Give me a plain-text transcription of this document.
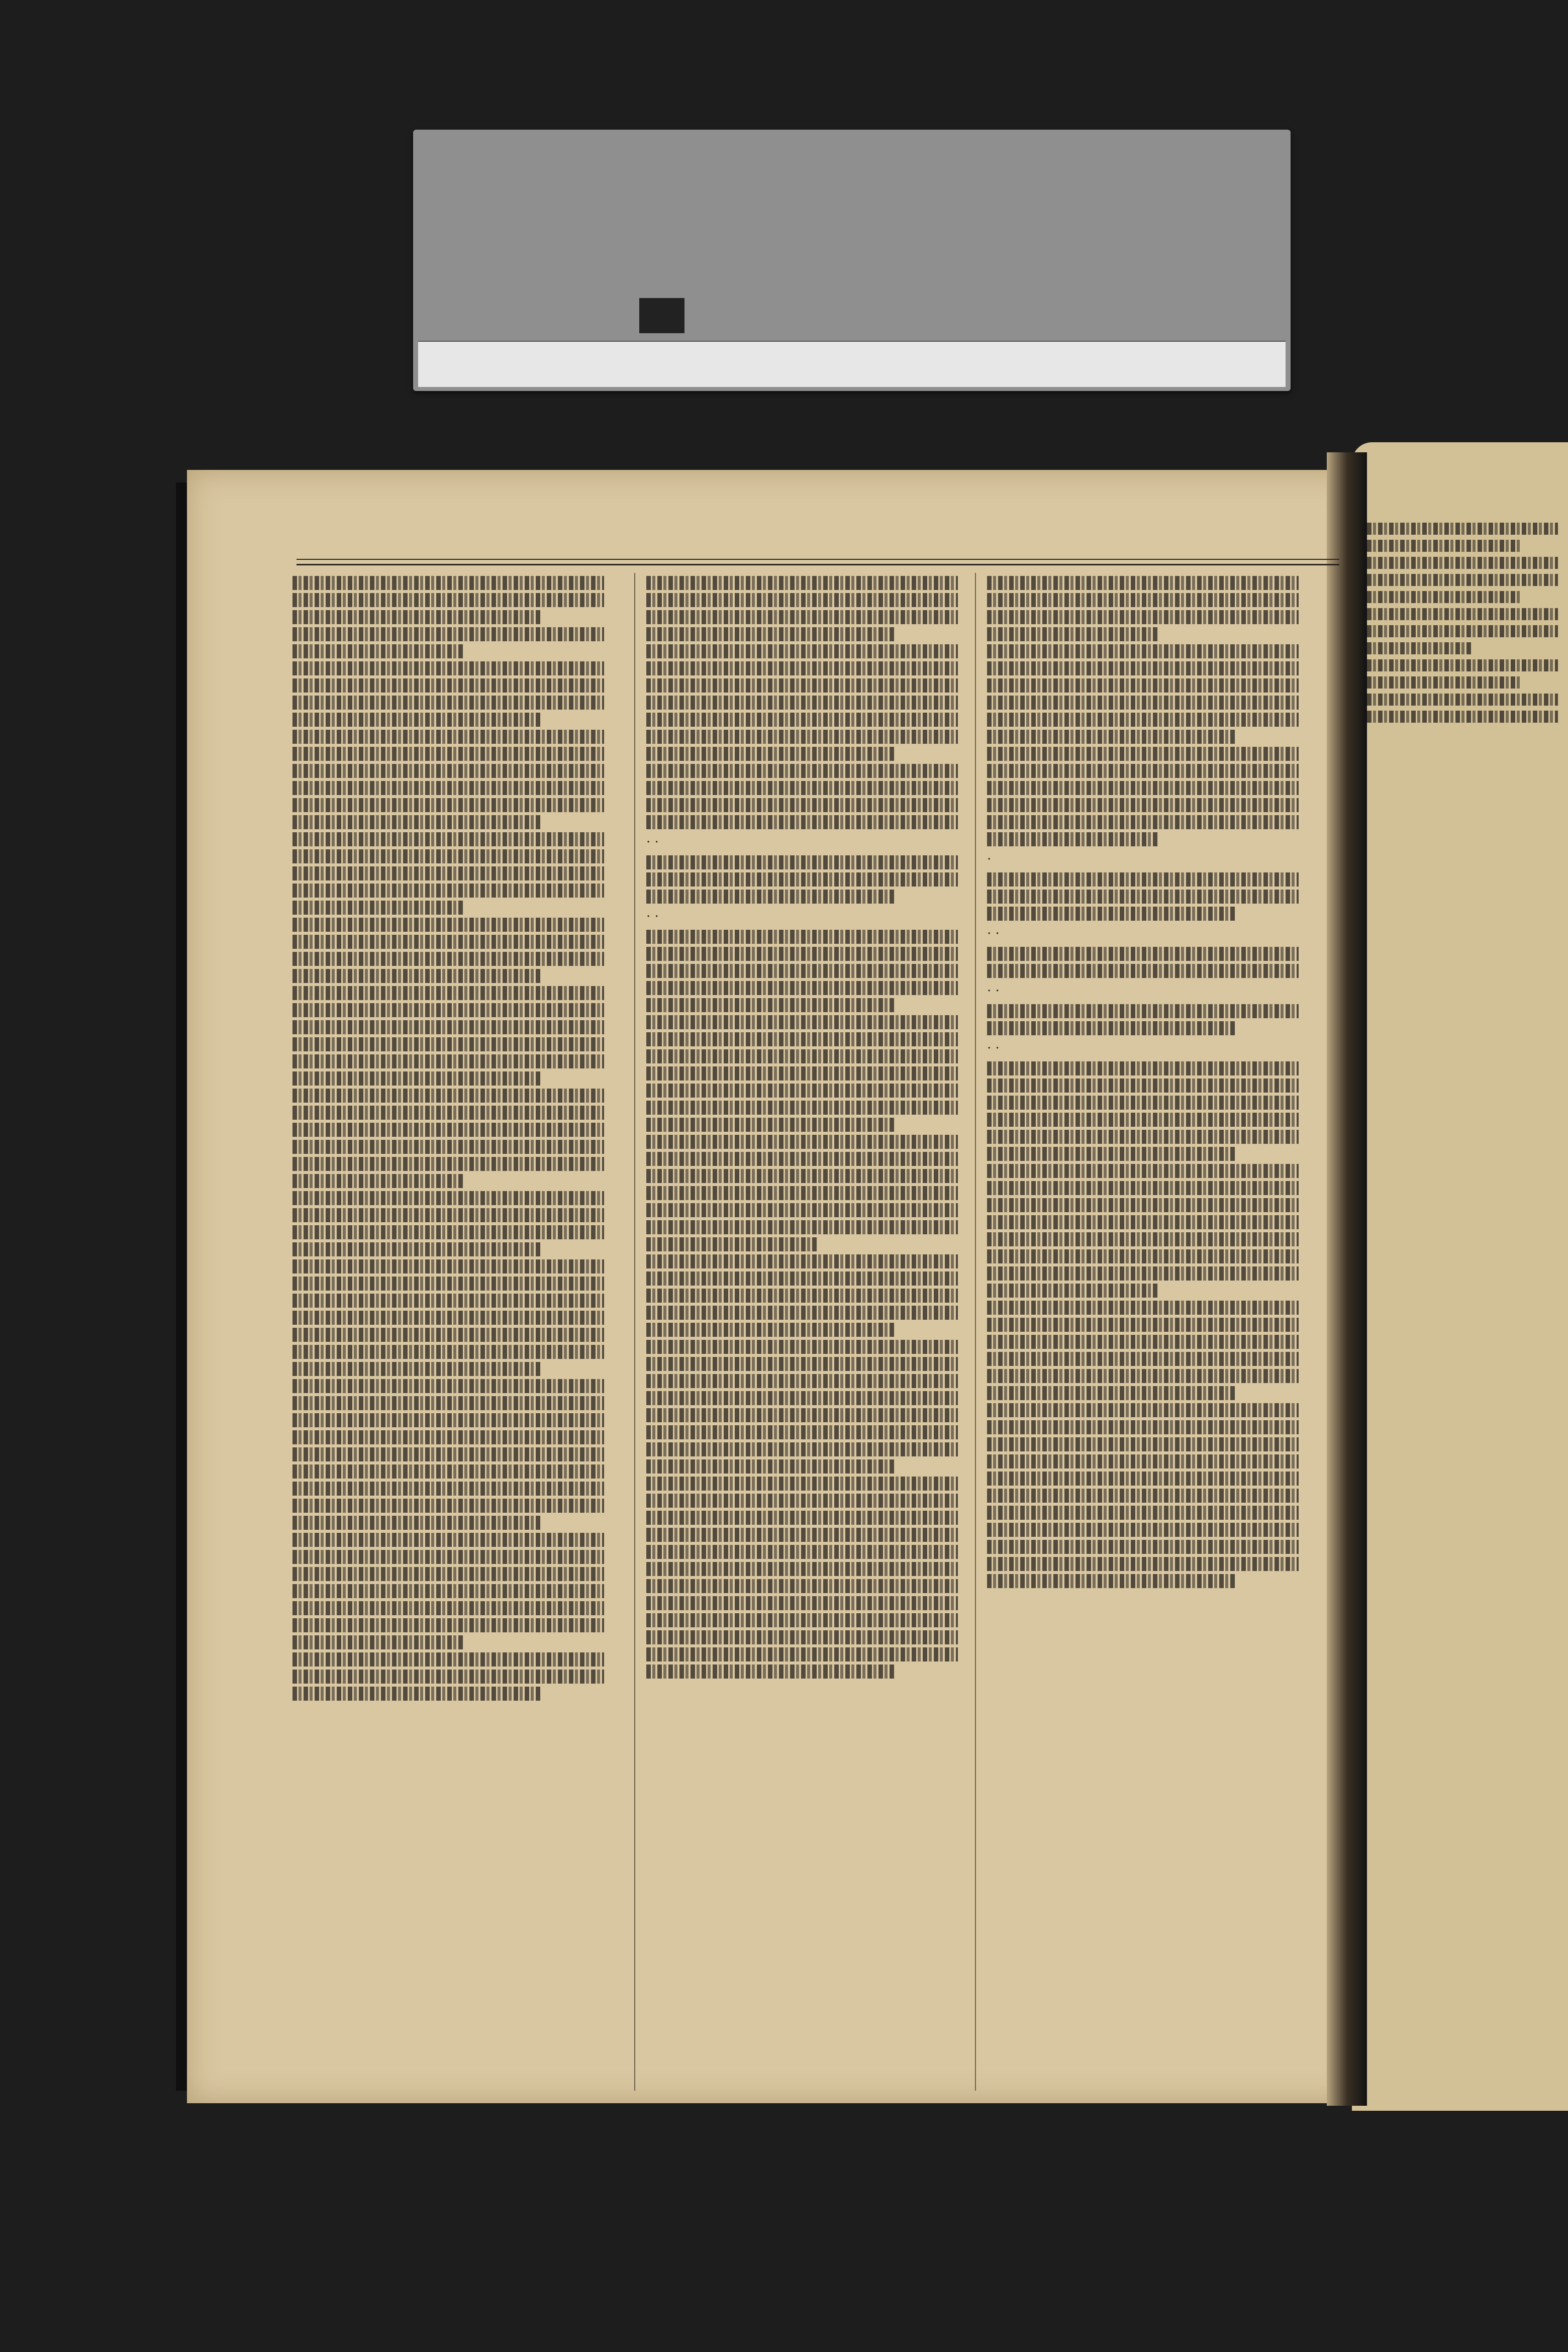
· ·

· ·

·

· ·

· ·

· ·
